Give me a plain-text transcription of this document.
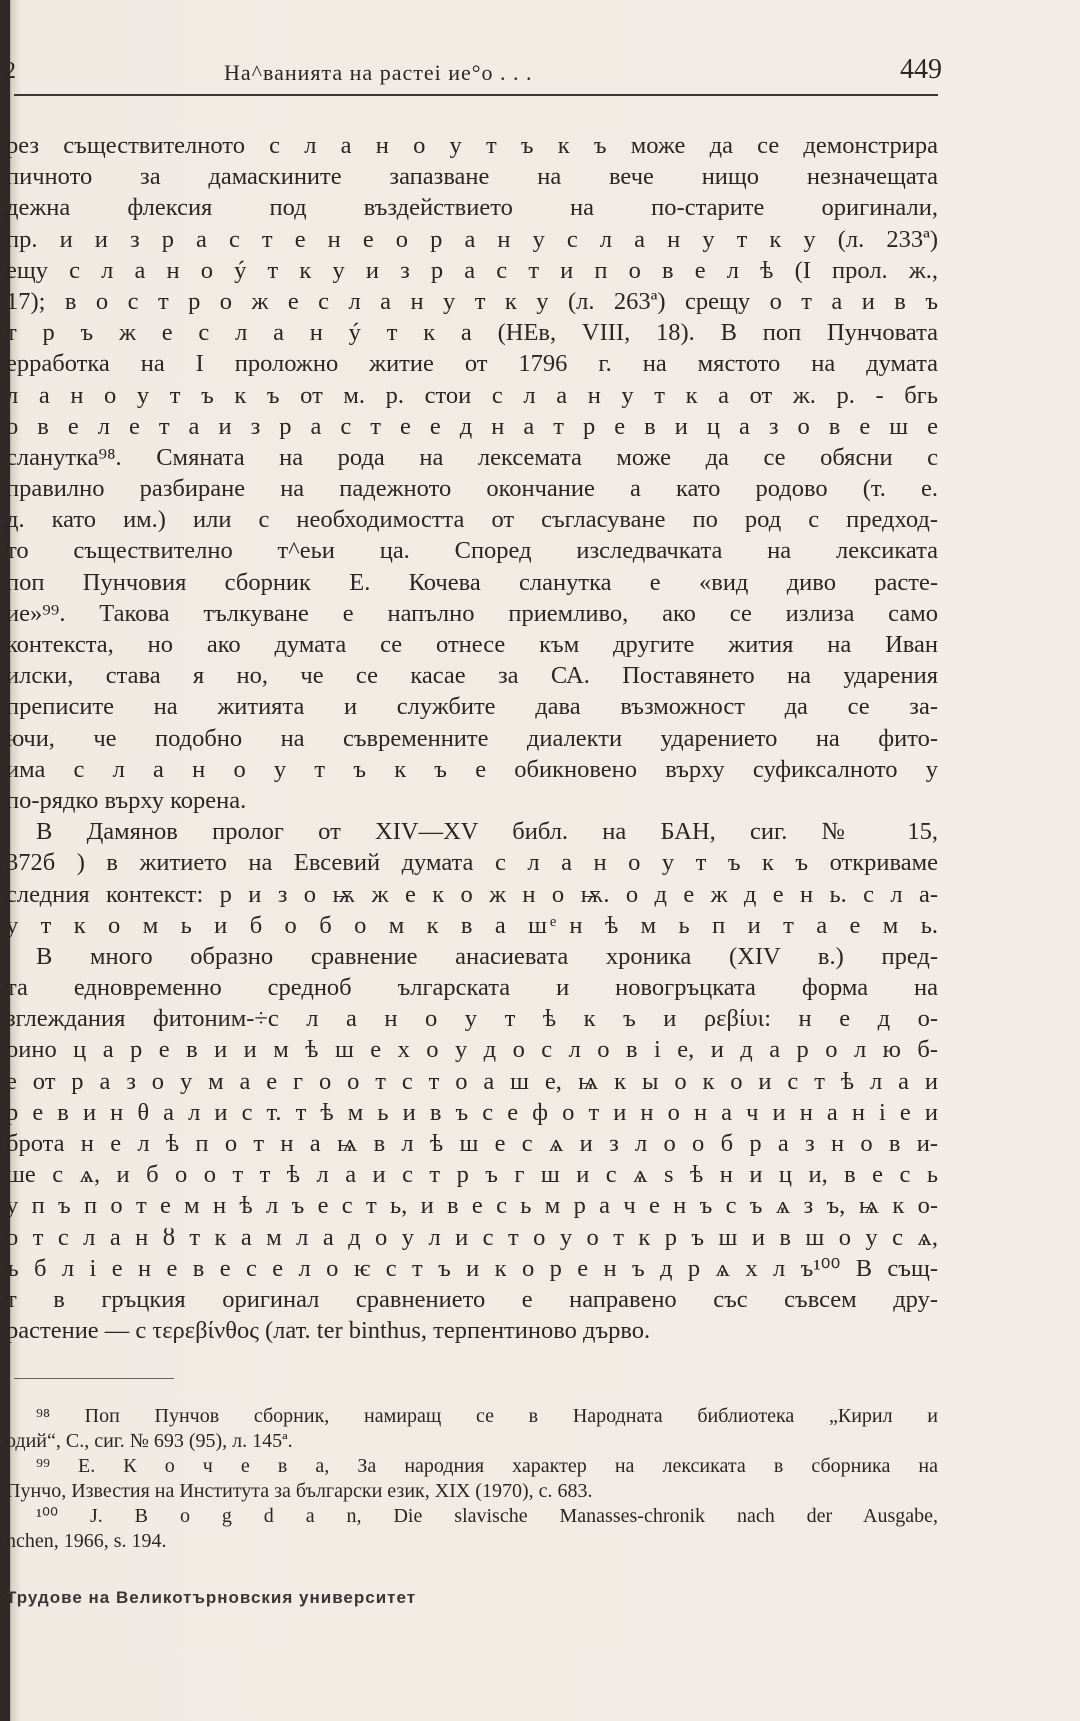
2	На^ванията на растеі ие°о . . .	449
рез съществителното с л а н о у т ъ к ъ може да се демонстрира
пичното за дамаскините запазване на вече нищо незначещата
дежна флексия под въздействието на по-старите оригинали,
пр. и и з р а с т е н е о р а н у с л а н у т к у (л. 233ª)
ещу с л а н о ý т к у и з р а с т и п о в е л ѣ (I прол. ж.,
17); в о с т р о ж е с л а н у т к у (л. 263ª) срещу о т а и в ъ
т р ъ ж е с л а н ý т к а (НЕв, VIII, 18). В поп Пунчовата
ерработка на I проложно житие от 1796 г. на мястото на думата
л а н о у т ъ к ъ от м. р. стои с л а н у т к а от ж. р. - бгь
о в е л е т а и з р а с т е е д н а т р е в и ц а з о в е ш е
слaнутка⁹⁸. Смяната на рода на лексемата може да се обясни с
правилно разбиране на падежното окончание а като родово (т. е.
д. като им.) или с необходимостта от съгласуване по род с предход-
то съществително т^еьи ца. Според изследвачката на лексиката
поп Пунчовия сборник Е. Кочева слaнутка е «вид диво расте-
ие»⁹⁹. Такова тълкуване е напълно приемливо, ако се излиза само
контекста, но ако думата се отнесе към другите жития на Иван
илски, става я но, че се касае за СА. Поставянето на ударения
преписите на житията и службите дава възможност да се за-
ючи, че подобно на съвременните диалекти ударението на фито-
има с л а н о у т ъ к ъ е обикновено върху суфиксалното у
по-рядко върху корена.
В Дамянов пролог от XIV—XV библ. на БАН, сиг. № 15,
372б ) в житието на Евсевий думата с л а н о у т ъ к ъ откриваме
следния контекст: р и з о ѭ ж е к о ж н о ѭ. о д е ж д е н ь. с л а-
у т к о м ь и б о б о м к в а ш ͤн ѣ м ь п и т а е м ь.
В много образно сравнение анасиевата хроника (XIV в.) пред-
та едновременно средноб ългарската и новогръцката форма на
зглеждания фитоним-÷с л а н о у т ѣ к ъ и ρεβίυι: н е д о-
оино ц а р е в и и м ѣ ш е х о у д о с л о в і е, и д а р о л ю б-
е от р а з о у м а е г о о т с т о а ш е, ѩ к ы о к о и с т ѣ л а и
р е в и н θ а л и с т. т ѣ м ь и в ъ с е ф о т и н о н а ч и н а н і е и
брота н е л ѣ п о т н а ѩ в л ѣ ш е с ѧ и з л о о б р а з н о в и-
ше с ѧ, и б о о т т ѣ л а и с т р ъ г ш и с ѧ ѕ ѣ н и ц и, в е с ь
у п ъ п о т е м н ѣ л ъ е с т ь, и в е с ь м р а ч е н ъ с ъ ѧ з ъ, ѩ к о-
о т с л а н ȣ т к а м л а д о у л и с т о у о т к р ъ ш и в ш о у с ѧ,
ъ б л і е н е в е с е л о ѥ с т ъ и к о р е н ъ д р ѧ х л ъ¹⁰⁰ В същ-
т в гръцкия оригинал сравнението е направено със съвсем дру-
растение — с τερεβίνθος (лат. ter binthus, терпентиново дърво.
⁹⁸ Поп Пунчов сборник, намиращ се в Народната библиотека „Кирил и
одий“, С., сиг. № 693 (95), л. 145ª.
⁹⁹ Е. К о ч е в а, За народния характер на лексиката в сборника на
Пунчо, Известия на Института за български език, XIX (1970), с. 683.
¹⁰⁰ J. B o g d a n, Die slavische Manasses-chronik nach der Ausgabe,
nchen, 1966, s. 194.
Трудове на Великотърновския университет
